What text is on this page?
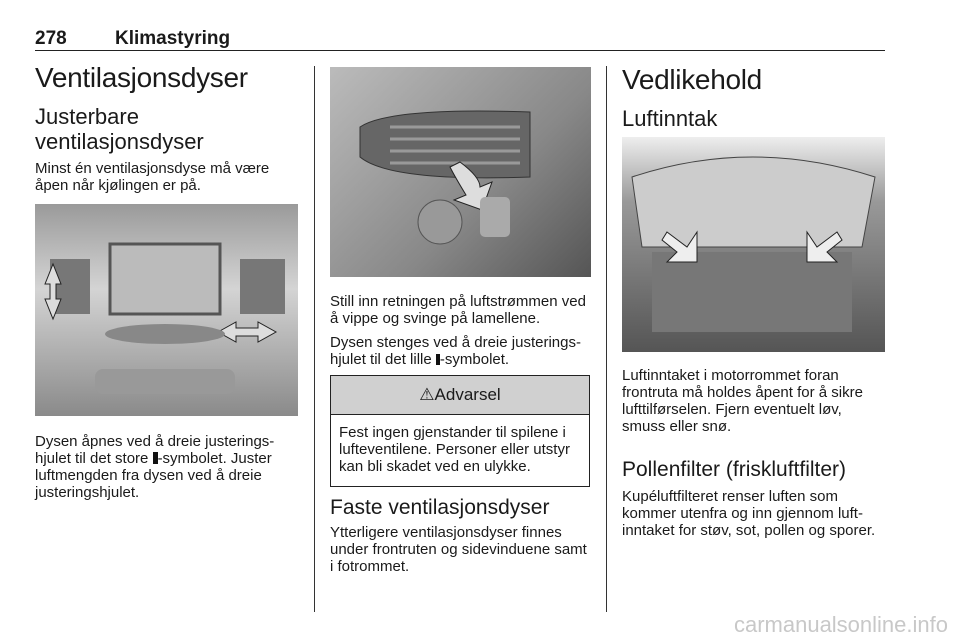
278	Klimastyring
Ventilasjonsdyser
Justerbare ventilasjonsdyser

Minst én ventilasjonsdyse må være åpen når kjølingen er på.

Dysen åpnes ved å dreie justerings-hjulet til det store -symbolet. Juster luftmengden fra dysen ved å dreie justeringshjulet.

Still inn retningen på luftstrømmen ved å vippe og svinge på lamellene.

Dysen stenges ved å dreie justerings-hjulet til det lille -symbolet.

⚠ Advarsel

Fest ingen gjenstander til spilene i lufteventilene. Personer eller utstyr kan bli skadet ved en ulykke.

Faste ventilasjonsdyser

Ytterligere ventilasjonsdyser finnes under frontruten og sidevinduene samt i fotrommet.

Vedlikehold
Luftinntak

Luftinntaket i motorrommet foran frontruta må holdes åpent for å sikre lufttilførselen. Fjern eventuelt løv, smuss eller snø.

Pollenfilter (friskluftfilter)

Kupéluftfilteret renser luften som kommer utenfra og inn gjennom luft-inntaket for støv, sot, pollen og sporer.

carmanualsonline.info
